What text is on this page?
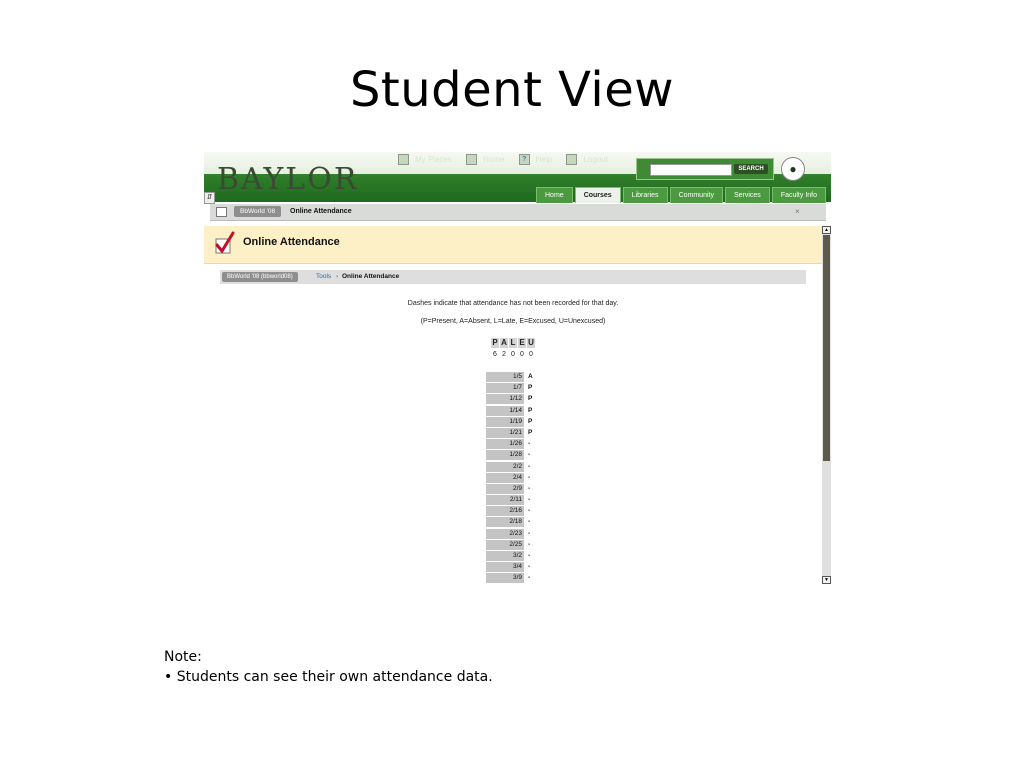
Student View
BAYLOR
My Places	Home	? Help	Logout
SEARCH	●
⇵	Home	Courses	Libraries	Community	Services	Faculty Info
BbWorld '08	Online Attendance	×
Online Attendance
BbWorld '08 (bbworld08)	Tools › Online Attendance
Dashes indicate that attendance has not been recorded for that day.
(P=Present, A=Absent, L=Late, E=Excused, U=Unexcused)
P A L E U
6 2 0 0 0
1/5 A
1/7 P
1/12 P
1/14 P
1/19 P
1/21 P
1/26 -
1/28 -
2/2 -
2/4 -
2/9 -
2/11 -
2/16 -
2/18 -
2/23 -
2/25 -
3/2 -
3/4 -
3/9 -
▲
▼
Note:
• Students can see their own attendance data.
